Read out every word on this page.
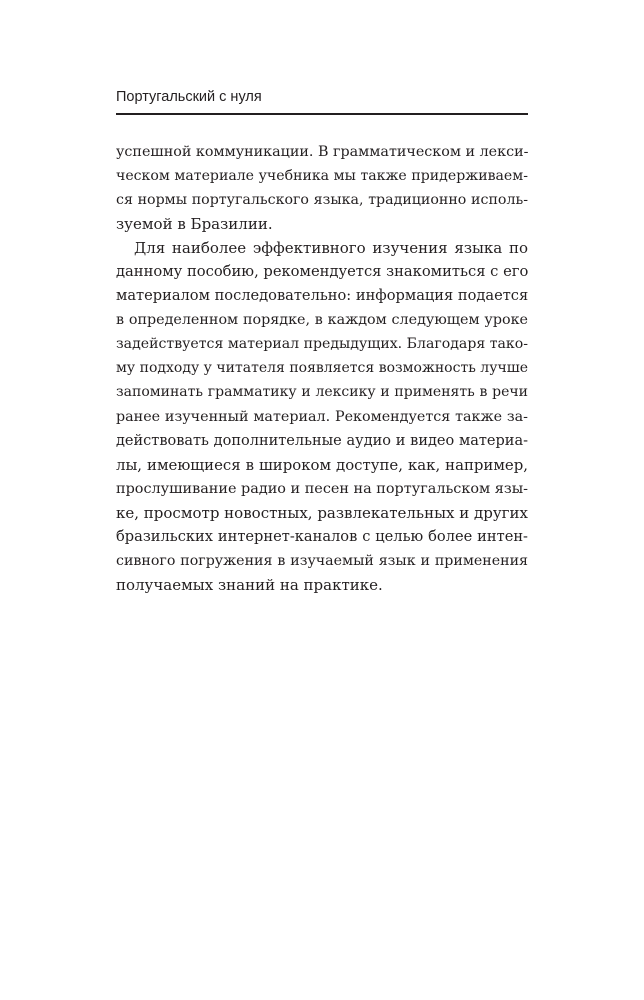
Португальский с нуля
успешной коммуникации. В грамматическом и лекси-
ческом материале учебника мы также придерживаем-
ся нормы португальского языка, традиционно исполь-
зуемой в Бразилии.
Для наиболее эффективного изучения языка по
данному пособию, рекомендуется знакомиться с его
материалом последовательно: информация подается
в определенном порядке, в каждом следующем уроке
задействуется материал предыдущих. Благодаря тако-
му подходу у читателя появляется возможность лучше
запоминать грамматику и лексику и применять в речи
ранее изученный материал. Рекомендуется также за-
действовать дополнительные аудио и видео материа-
лы, имеющиеся в широком доступе, как, например,
прослушивание радио и песен на португальском язы-
ке, просмотр новостных, развлекательных и других
бразильских интернет-каналов с целью более интен-
сивного погружения в изучаемый язык и применения
получаемых знаний на практике.
